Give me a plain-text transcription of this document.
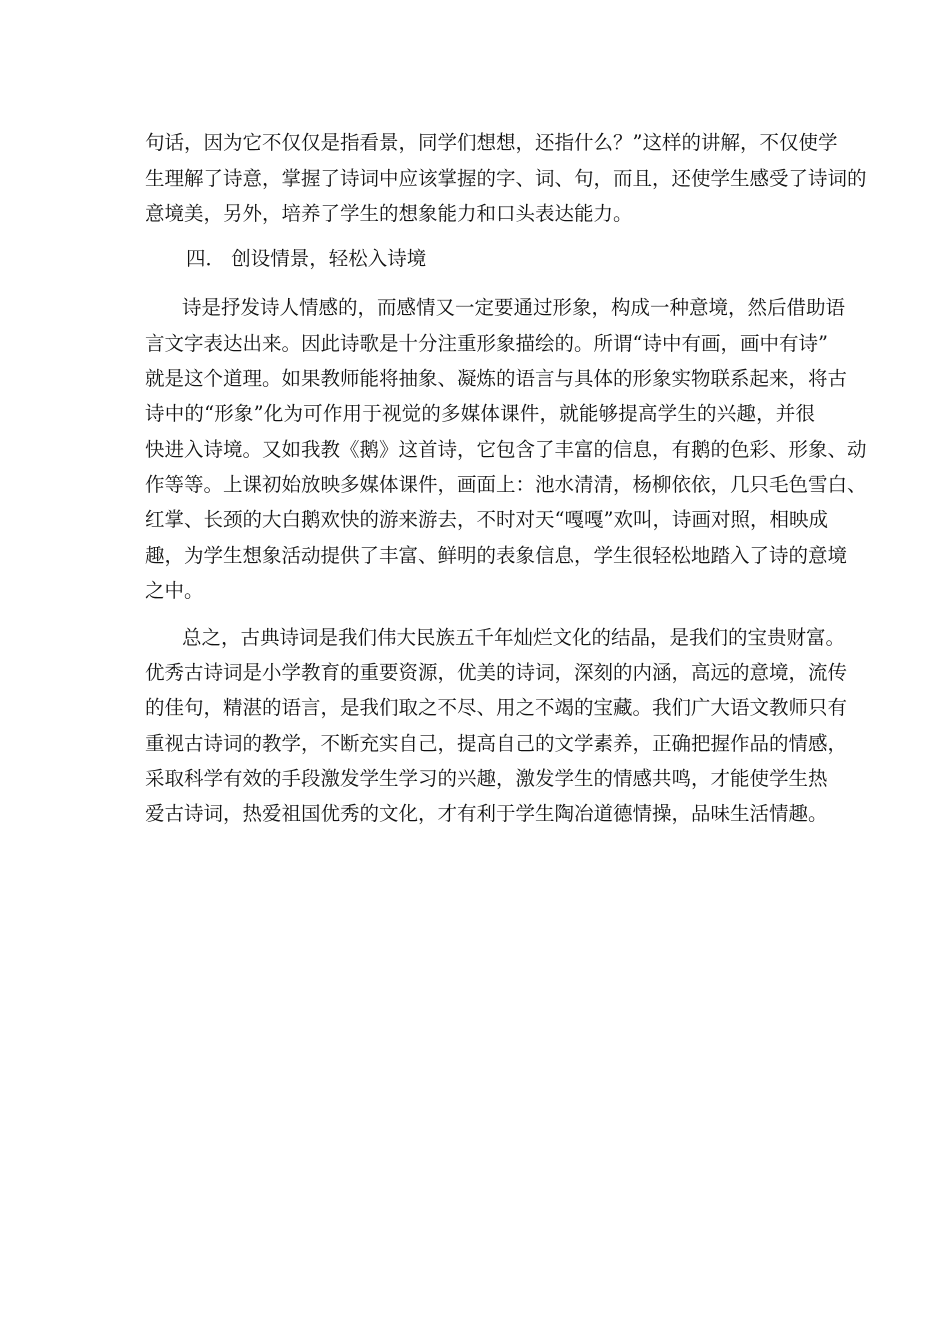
句话，因为它不仅仅是指看景，同学们想想，还指什么？”这样的讲解，不仅使学
生理解了诗意，掌握了诗词中应该掌握的字、词、句，而且，还使学生感受了诗词的
意境美，另外，培养了学生的想象能力和口头表达能力。
四． 创设情景，轻松入诗境
诗是抒发诗人情感的，而感情又一定要通过形象，构成一种意境，然后借助语
言文字表达出来。因此诗歌是十分注重形象描绘的。所谓“诗中有画，画中有诗”
就是这个道理。如果教师能将抽象、凝炼的语言与具体的形象实物联系起来，将古
诗中的“形象”化为可作用于视觉的多媒体课件，就能够提高学生的兴趣，并很
快进入诗境。又如我教《鹅》这首诗，它包含了丰富的信息，有鹅的色彩、形象、动
作等等。上课初始放映多媒体课件，画面上：池水清清，杨柳依依，几只毛色雪白、
红掌、长颈的大白鹅欢快的游来游去，不时对天“嘎嘎”欢叫，诗画对照，相映成
趣，为学生想象活动提供了丰富、鲜明的表象信息，学生很轻松地踏入了诗的意境
之中。
总之，古典诗词是我们伟大民族五千年灿烂文化的结晶，是我们的宝贵财富。
优秀古诗词是小学教育的重要资源，优美的诗词，深刻的内涵，高远的意境，流传
的佳句，精湛的语言，是我们取之不尽、用之不竭的宝藏。我们广大语文教师只有
重视古诗词的教学，不断充实自己，提高自己的文学素养，正确把握作品的情感，
采取科学有效的手段激发学生学习的兴趣，激发学生的情感共鸣，才能使学生热
爱古诗词，热爱祖国优秀的文化，才有利于学生陶冶道德情操，品味生活情趣。
